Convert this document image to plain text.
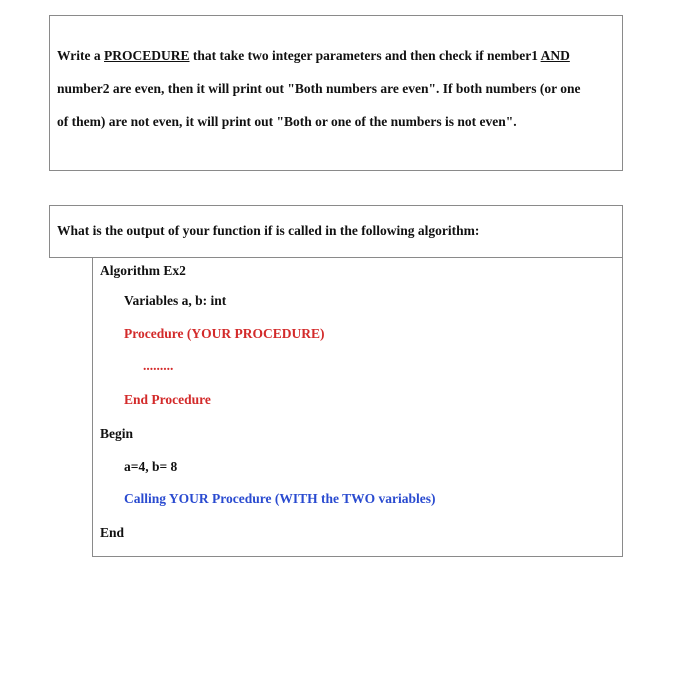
Write a PROCEDURE that take two integer parameters and then check if nember1 AND
number2 are even, then it will print out "Both numbers are even". If both numbers (or one
of them) are not even, it will print out "Both or one of the numbers is not even".
What is the output of your function if is called in the following algorithm:
Algorithm Ex2
Variables a, b: int
Procedure (YOUR PROCEDURE)
.........
End Procedure
Begin
a=4, b= 8
Calling YOUR Procedure (WITH the TWO variables)
End
